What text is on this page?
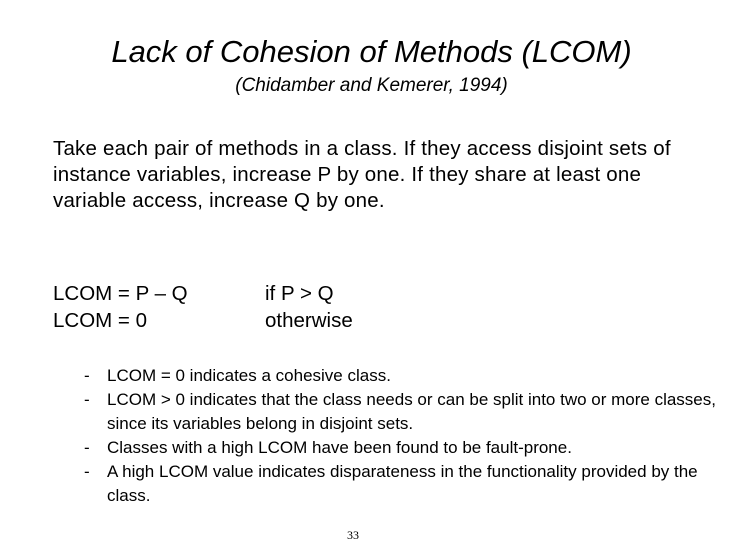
Lack of Cohesion of Methods (LCOM)
(Chidamber and Kemerer, 1994)
Take each pair of methods in a class. If they access disjoint sets of instance variables, increase P by one. If they share at least one variable access, increase Q by one.
LCOM = P – Q	if P > Q
LCOM = 0	otherwise
- LCOM = 0 indicates a cohesive class.
- LCOM > 0 indicates that the class needs or can be split into two or more classes, since its variables belong in disjoint sets.
- Classes with a high LCOM have been found to be fault-prone.
- A high LCOM value indicates disparateness in the functionality provided by the class.
33
